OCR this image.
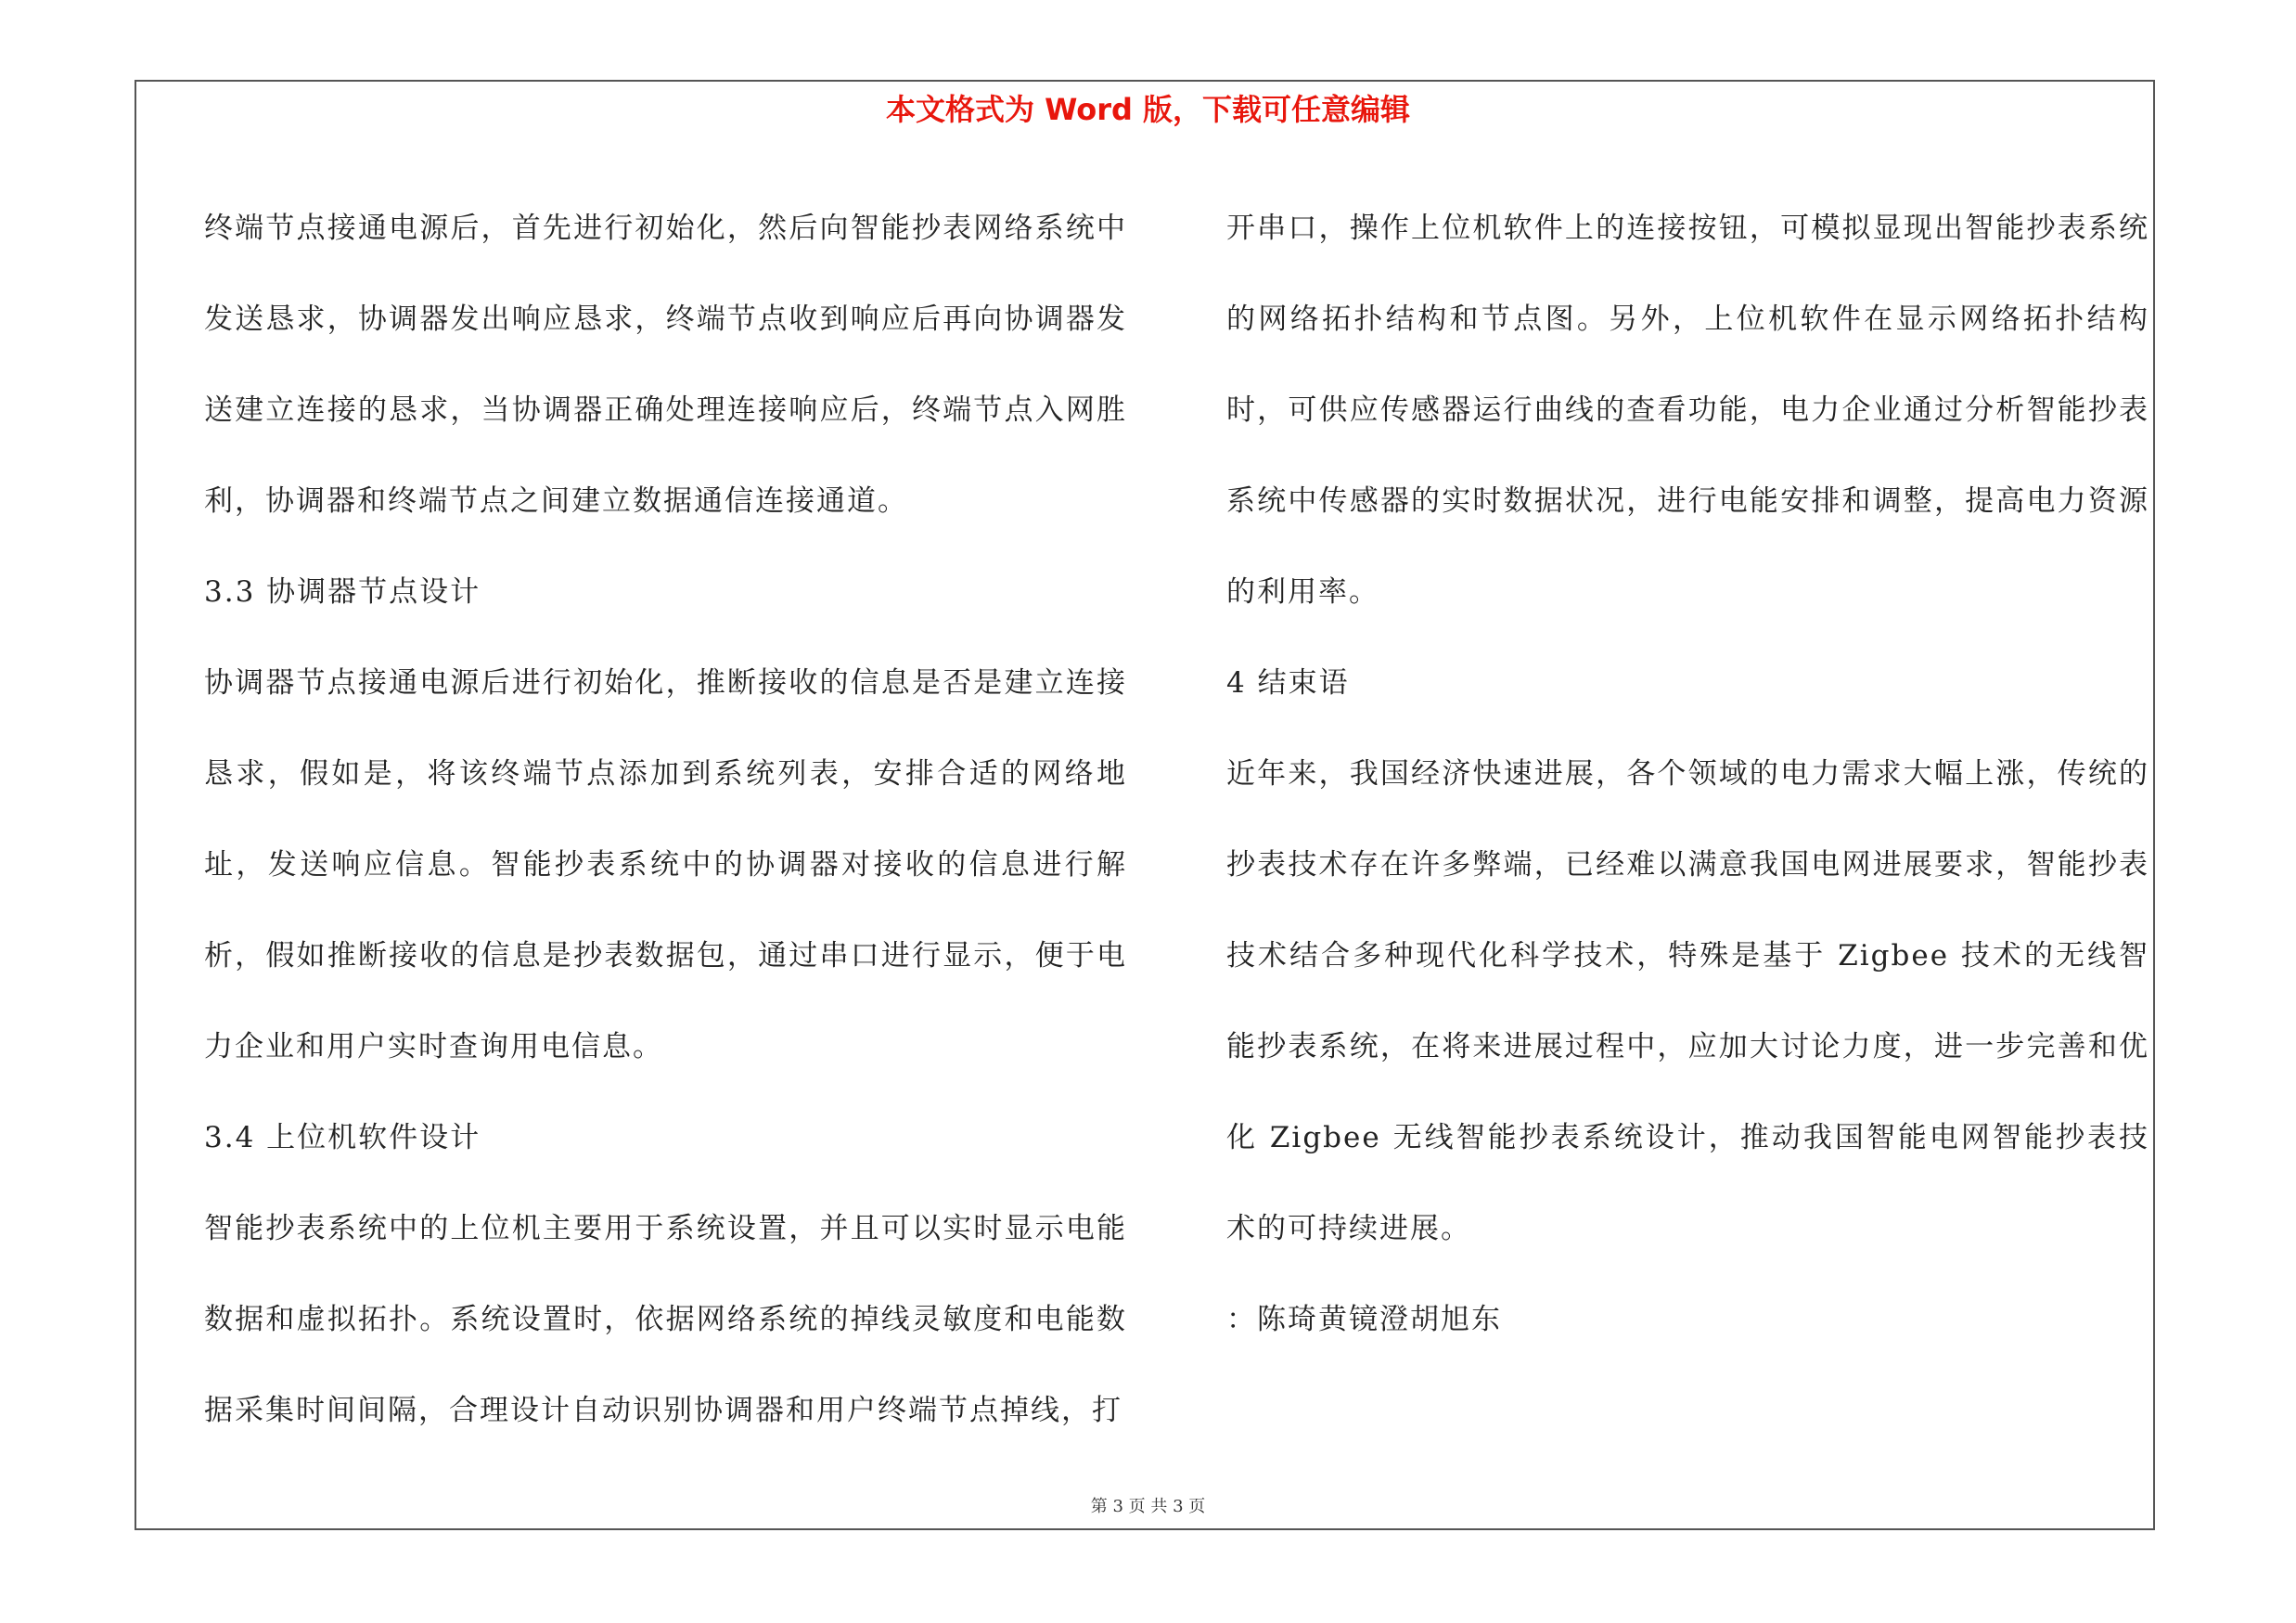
本文格式为 Word 版，下载可任意编辑

终端节点接通电源后，首先进行初始化，然后向智能抄表网络系统中发送恳求，协调器发出响应恳求，终端节点收到响应后再向协调器发送建立连接的恳求，当协调器正确处理连接响应后，终端节点入网胜利，协调器和终端节点之间建立数据通信连接通道。

3.3 协调器节点设计

协调器节点接通电源后进行初始化，推断接收的信息是否是建立连接恳求，假如是，将该终端节点添加到系统列表，安排合适的网络地址，发送响应信息。智能抄表系统中的协调器对接收的信息进行解析，假如推断接收的信息是抄表数据包，通过串口进行显示，便于电力企业和用户实时查询用电信息。

3.4 上位机软件设计

智能抄表系统中的上位机主要用于系统设置，并且可以实时显示电能数据和虚拟拓扑。系统设置时，依据网络系统的掉线灵敏度和电能数据采集时间间隔，合理设计自动识别协调器和用户终端节点掉线，打

开串口，操作上位机软件上的连接按钮，可模拟显现出智能抄表系统的网络拓扑结构和节点图。另外，上位机软件在显示网络拓扑结构时，可供应传感器运行曲线的查看功能，电力企业通过分析智能抄表系统中传感器的实时数据状况，进行电能安排和调整，提高电力资源的利用率。

4 结束语

近年来，我国经济快速进展，各个领域的电力需求大幅上涨，传统的抄表技术存在许多弊端，已经难以满意我国电网进展要求，智能抄表技术结合多种现代化科学技术，特殊是基于 Zigbee 技术的无线智能抄表系统，在将来进展过程中，应加大讨论力度，进一步完善和优化 Zigbee 无线智能抄表系统设计，推动我国智能电网智能抄表技术的可持续进展。

：陈琦黄镜澄胡旭东

第 3 页 共 3 页
